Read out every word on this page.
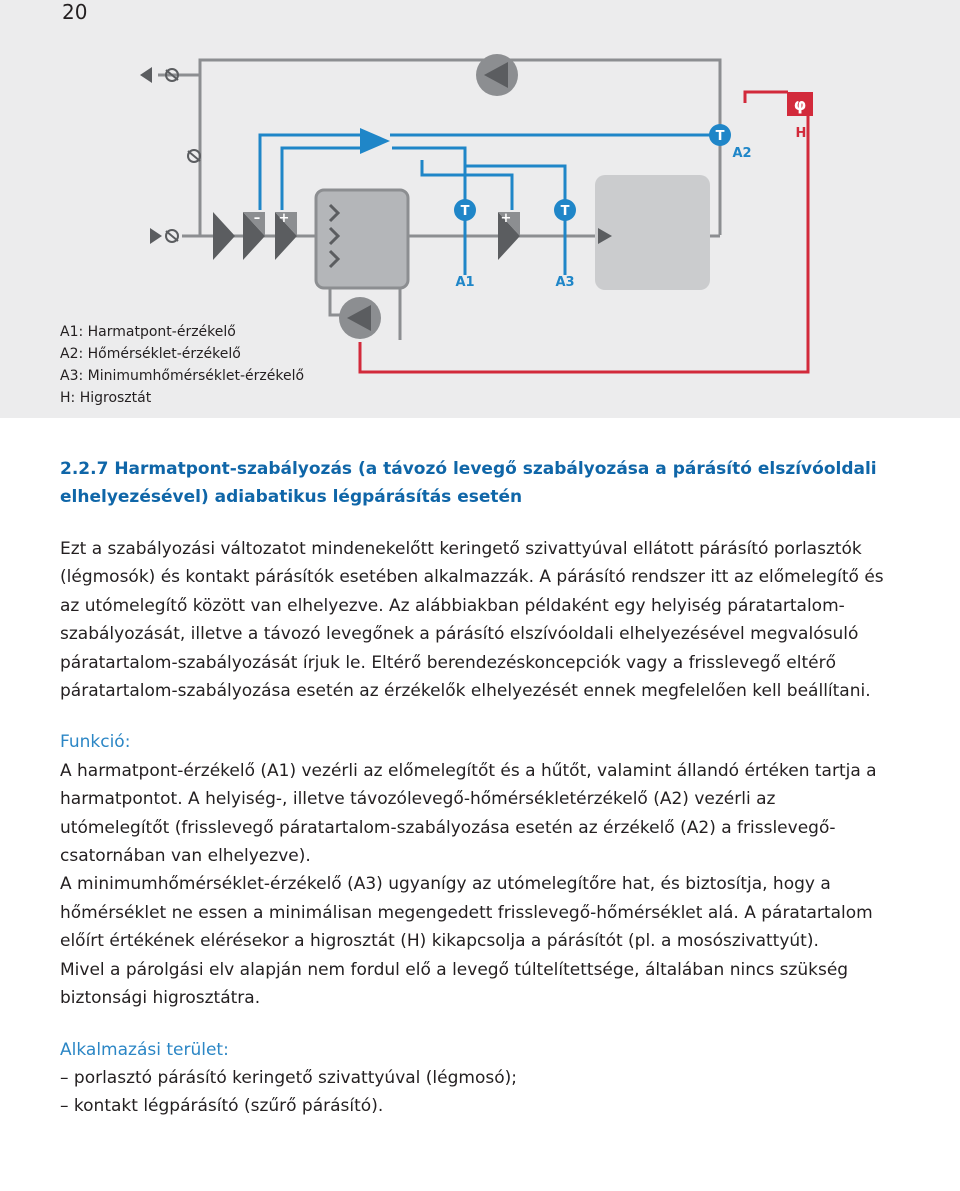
20
T	T
T
φ
A1	A3
A2
H
– +	+
A1: Harmatpont-érzékelő
A2: Hőmérséklet-érzékelő
A3: Minimumhőmérséklet-érzékelő
H: Higrosztát
2.2.7 Harmatpont-szabályozás (a távozó levegő szabályozása a párásító elszívóoldali elhelyezésével) adiabatikus légpárásítás esetén

Ezt a szabályozási változatot mindenekelőtt keringető szivattyúval ellátott párásító porlasztók (légmosók) és kontakt párásítók esetében alkalmazzák. A párásító rendszer itt az előmelegítő és az utómelegítő között van elhelyezve. Az alábbiakban példaként egy helyiség páratartalom-szabályozását, illetve a távozó levegőnek a párásító elszívóoldali elhelyezésével megvalósuló páratartalom-szabályozását írjuk le. Eltérő berendezéskoncepciók vagy a frisslevegő eltérő páratartalom-szabályozása esetén az érzékelők elhelyezését ennek megfelelően kell beállítani.

Funkció:

A harmatpont-érzékelő (A1) vezérli az előmelegítőt és a hűtőt, valamint állandó értéken tartja a harmatpontot. A helyiség-, illetve távozólevegő-hőmérsékletérzékelő (A2) vezérli az utómelegítőt (frisslevegő páratartalom-szabályozása esetén az érzékelő (A2) a frisslevegő-csatornában van elhelyezve).

A minimumhőmérséklet-érzékelő (A3) ugyanígy az utómelegítőre hat, és biztosítja, hogy a hőmérséklet ne essen a minimálisan megengedett frisslevegő-hőmérséklet alá. A páratartalom előírt értékének elérésekor a higrosztát (H) kikapcsolja a párásítót (pl. a mosószivattyút).

Mivel a párolgási elv alapján nem fordul elő a levegő túltelítettsége, általában nincs szükség biztonsági higrosztátra.

Alkalmazási terület:

– porlasztó párásító keringető szivattyúval (légmosó);

– kontakt légpárásító (szűrő párásító).
